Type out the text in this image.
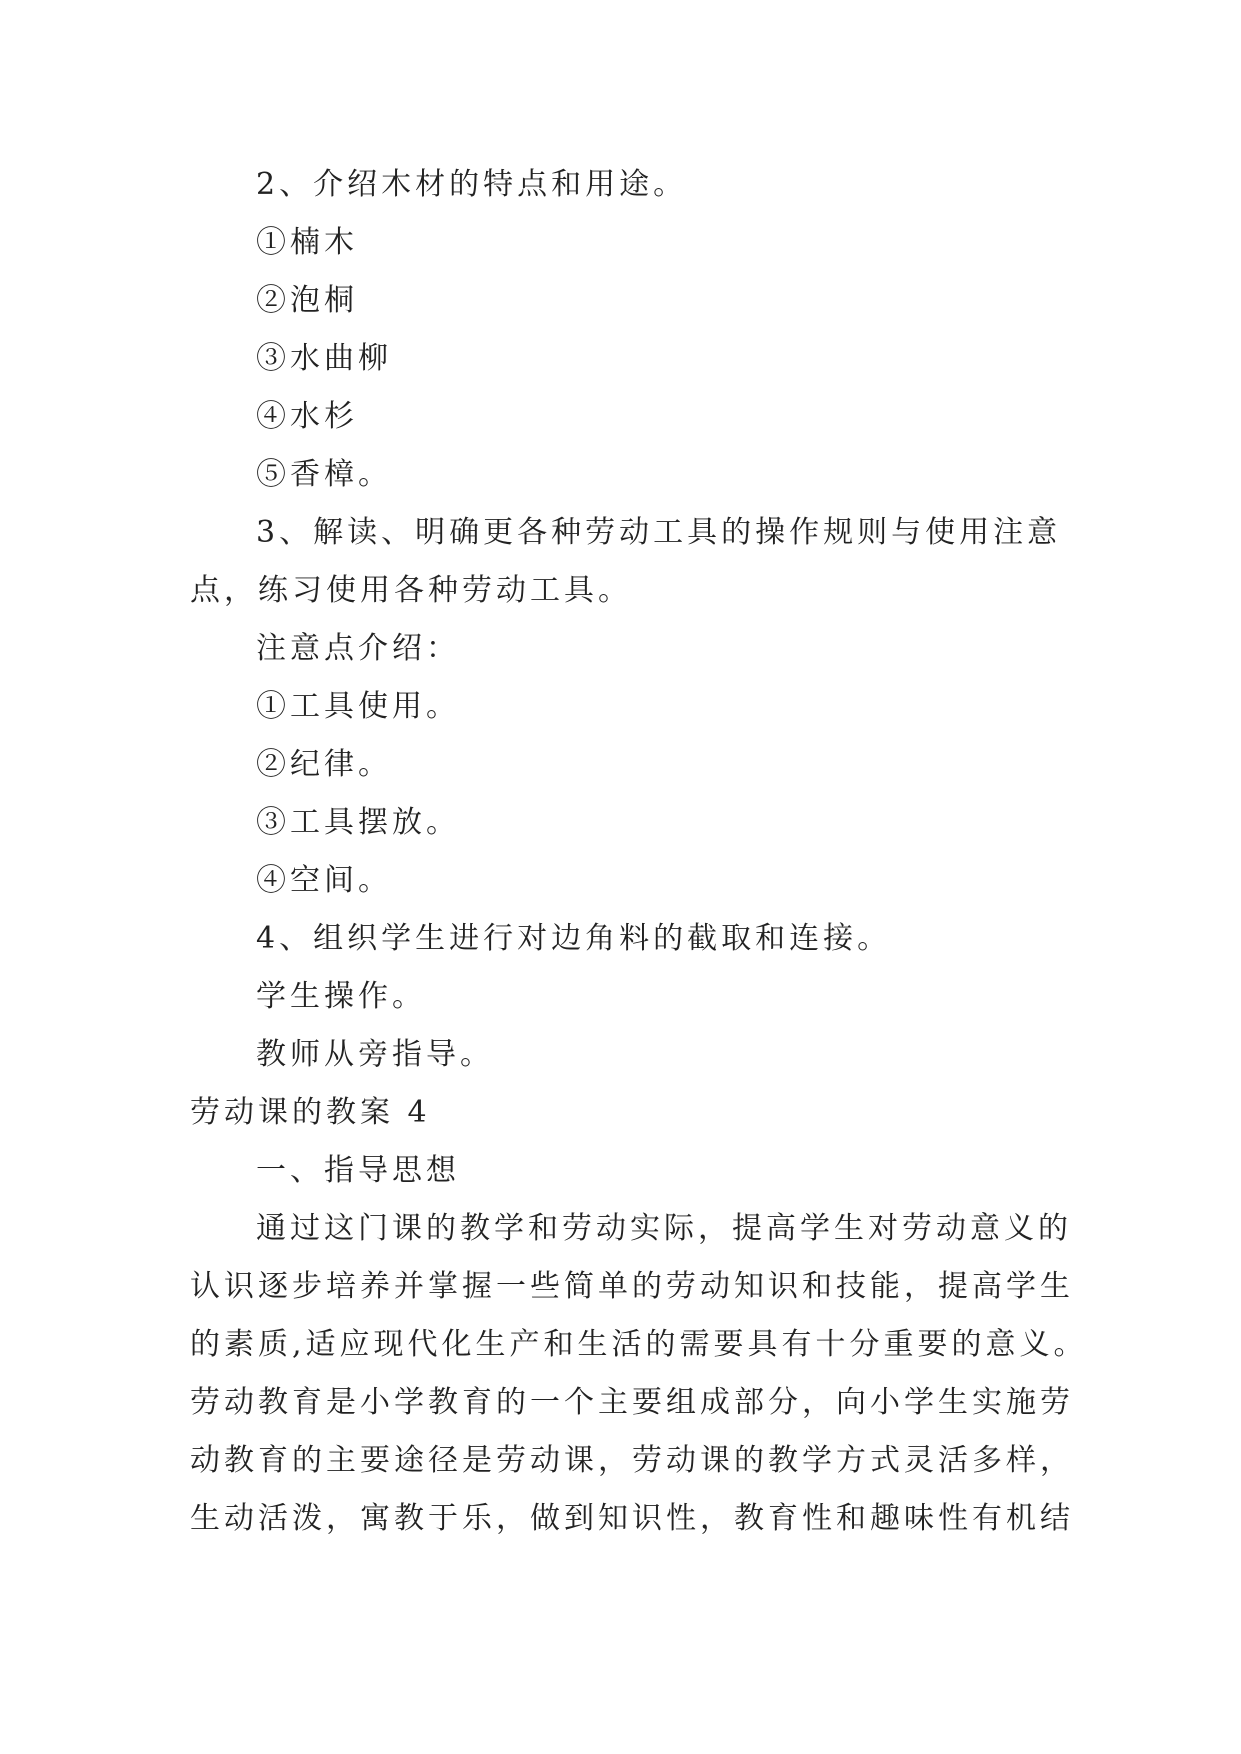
2、介绍木材的特点和用途。
①楠木
②泡桐
③水曲柳
④水杉
⑤香樟。
3、解读、明确更各种劳动工具的操作规则与使用注意
点，练习使用各种劳动工具。
注意点介绍：
①工具使用。
②纪律。
③工具摆放。
④空间。
4、组织学生进行对边角料的截取和连接。
学生操作。
教师从旁指导。
劳动课的教案 4
一、指导思想
通过这门课的教学和劳动实际，提高学生对劳动意义的
认识逐步培养并掌握一些简单的劳动知识和技能，提高学生
的素质,适应现代化生产和生活的需要具有十分重要的意义。
劳动教育是小学教育的一个主要组成部分，向小学生实施劳
动教育的主要途径是劳动课，劳动课的教学方式灵活多样，
生动活泼，寓教于乐，做到知识性，教育性和趣味性有机结
